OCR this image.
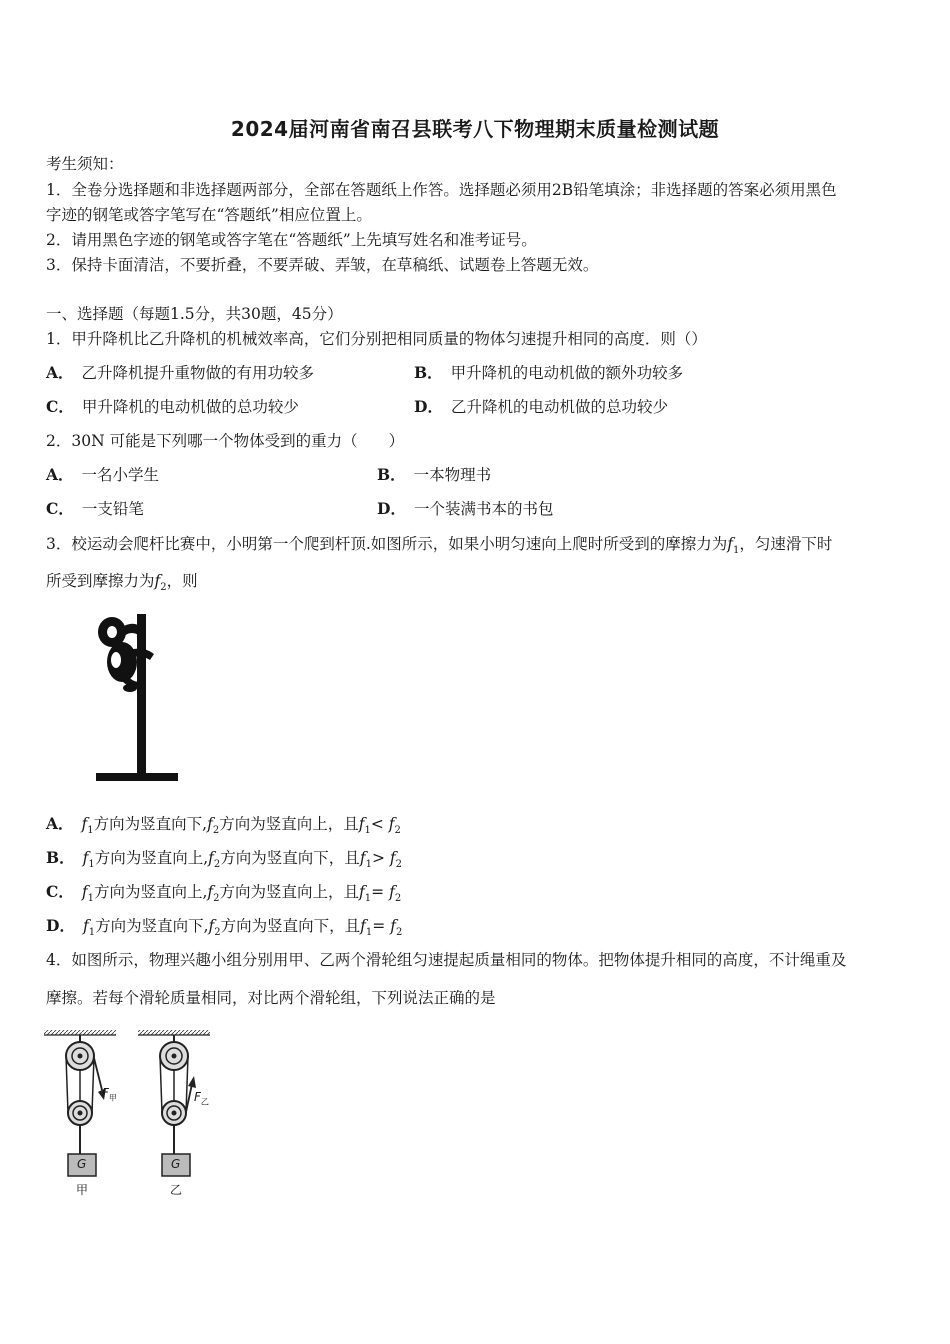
2024届河南省南召县联考八下物理期末质量检测试题
考生须知：
1．全卷分选择题和非选择题两部分，全部在答题纸上作答。选择题必须用2B铅笔填涂；非选择题的答案必须用黑色
字迹的钢笔或答字笔写在“答题纸”相应位置上。
2．请用黑色字迹的钢笔或答字笔在“答题纸”上先填写姓名和准考证号。
3．保持卡面清洁，不要折叠，不要弄破、弄皱，在草稿纸、试题卷上答题无效。
一、选择题（每题1.5分，共30题，45分）
1．甲升降机比乙升降机的机械效率高，它们分别把相同质量的物体匀速提升相同的高度．则（）
A． 乙升降机提升重物做的有用功较多	B． 甲升降机的电动机做的额外功较多
C． 甲升降机的电动机做的总功较少	D． 乙升降机的电动机做的总功较少
2．30N 可能是下列哪一个物体受到的重力（　　）
A． 一名小学生	B． 一本物理书
C． 一支铅笔	D． 一个装满书本的书包
3．校运动会爬杆比赛中，小明第一个爬到杆顶.如图所示，如果小明匀速向上爬时所受到的摩擦力为$f_1$，匀速滑下时
所受到摩擦力为$f_2$，则
A． $f_1$方向为竖直向下$,f_2$方向为竖直向上，且$f_1< f_2$
B． $f_1$方向为竖直向上$,f_2$方向为竖直向下，且$f_1> f_2$
C． $f_1$方向为竖直向上$,f_2$方向为竖直向上，且$f_1= f_2$
D． $f_1$方向为竖直向下$,f_2$方向为竖直向下，且$f_1= f_2$
4．如图所示，物理兴趣小组分别用甲、乙两个滑轮组匀速提起质量相同的物体。把物体提升相同的高度，不计绳重及
摩擦。若每个滑轮质量相同，对比两个滑轮组，下列说法正确的是
$F_甲$	$F_乙$
G	G
甲	乙
